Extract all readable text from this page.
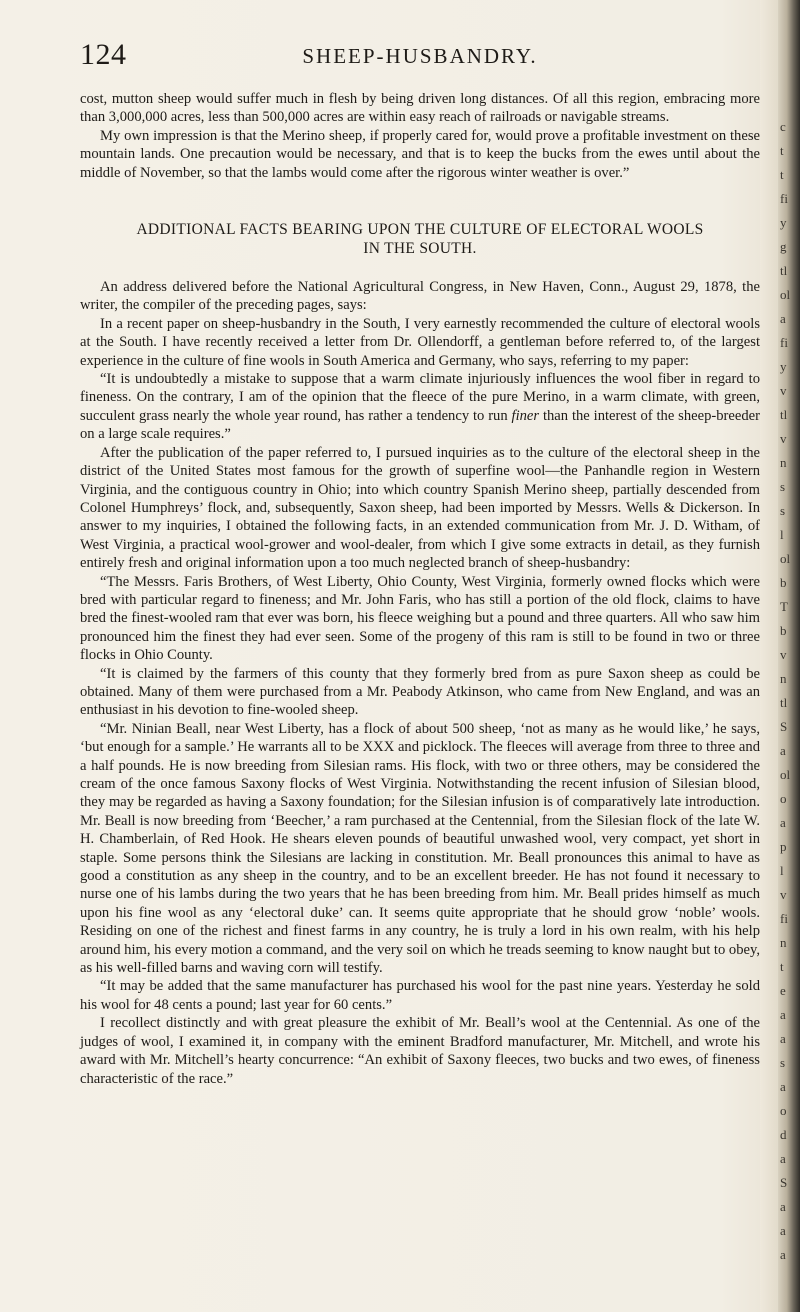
c
t
t
fi
y
g
tl
ol
a
fi
y
v
tl
v
n
s
s
l
ol
b
T
b
v
n
tl
S
a
ol
o
a
p
l
v
fi
n
t
e
a
a
s
a
o
d
a
S
a
a
a
124	SHEEP-HUSBANDRY.

cost, mutton sheep would suffer much in flesh by being driven long distances. Of all this region, embracing more than 3,000,000 acres, less than 500,000 acres are within easy reach of railroads or navigable streams.

My own impression is that the Merino sheep, if properly cared for, would prove a profitable investment on these mountain lands. One precaution would be necessary, and that is to keep the bucks from the ewes until about the middle of November, so that the lambs would come after the rigorous winter weather is over.”

ADDITIONAL FACTS BEARING UPON THE CULTURE OF ELECTORAL WOOLS
IN THE SOUTH.

An address delivered before the National Agricultural Congress, in New Haven, Conn., August 29, 1878, the writer, the compiler of the preceding pages, says:

In a recent paper on sheep-husbandry in the South, I very earnestly recommended the culture of electoral wools at the South. I have recently received a letter from Dr. Ollendorff, a gentleman before referred to, of the largest experience in the culture of fine wools in South America and Germany, who says, referring to my paper:

“It is undoubtedly a mistake to suppose that a warm climate injuriously influences the wool fiber in regard to fineness. On the contrary, I am of the opinion that the fleece of the pure Merino, in a warm climate, with green, succulent grass nearly the whole year round, has rather a tendency to run finer than the interest of the sheep-breeder on a large scale requires.”

After the publication of the paper referred to, I pursued inquiries as to the culture of the electoral sheep in the district of the United States most famous for the growth of superfine wool—the Panhandle region in Western Virginia, and the contiguous country in Ohio; into which country Spanish Merino sheep, partially descended from Colonel Humphreys’ flock, and, subsequently, Saxon sheep, had been imported by Messrs. Wells & Dickerson. In answer to my inquiries, I obtained the following facts, in an extended communication from Mr. J. D. Witham, of West Virginia, a practical wool-grower and wool-dealer, from which I give some extracts in detail, as they furnish entirely fresh and original information upon a too much neglected branch of sheep-husbandry:

“The Messrs. Faris Brothers, of West Liberty, Ohio County, West Virginia, formerly owned flocks which were bred with particular regard to fineness; and Mr. John Faris, who has still a portion of the old flock, claims to have bred the finest-wooled ram that ever was born, his fleece weighing but a pound and three quarters. All who saw him pronounced him the finest they had ever seen. Some of the progeny of this ram is still to be found in two or three flocks in Ohio County.

“It is claimed by the farmers of this county that they formerly bred from as pure Saxon sheep as could be obtained. Many of them were purchased from a Mr. Peabody Atkinson, who came from New England, and was an enthusiast in his devotion to fine-wooled sheep.

“Mr. Ninian Beall, near West Liberty, has a flock of about 500 sheep, ‘not as many as he would like,’ he says, ‘but enough for a sample.’ He warrants all to be XXX and picklock. The fleeces will average from three to three and a half pounds. He is now breeding from Silesian rams. His flock, with two or three others, may be considered the cream of the once famous Saxony flocks of West Virginia. Notwithstanding the recent infusion of Silesian blood, they may be regarded as having a Saxony foundation; for the Silesian infusion is of comparatively late introduction. Mr. Beall is now breeding from ‘Beecher,’ a ram purchased at the Centennial, from the Silesian flock of the late W. H. Chamberlain, of Red Hook. He shears eleven pounds of beautiful unwashed wool, very compact, yet short in staple. Some persons think the Silesians are lacking in constitution. Mr. Beall pronounces this animal to have as good a constitution as any sheep in the country, and to be an excellent breeder. He has not found it necessary to nurse one of his lambs during the two years that he has been breeding from him. Mr. Beall prides himself as much upon his fine wool as any ‘electoral duke’ can. It seems quite appropriate that he should grow ‘noble’ wools. Residing on one of the richest and finest farms in any country, he is truly a lord in his own realm, with his help around him, his every motion a command, and the very soil on which he treads seeming to know naught but to obey, as his well-filled barns and waving corn will testify.

“It may be added that the same manufacturer has purchased his wool for the past nine years. Yesterday he sold his wool for 48 cents a pound; last year for 60 cents.”

I recollect distinctly and with great pleasure the exhibit of Mr. Beall’s wool at the Centennial. As one of the judges of wool, I examined it, in company with the eminent Bradford manufacturer, Mr. Mitchell, and wrote his award with Mr. Mitchell’s hearty concurrence: “An exhibit of Saxony fleeces, two bucks and two ewes, of fineness characteristic of the race.”
